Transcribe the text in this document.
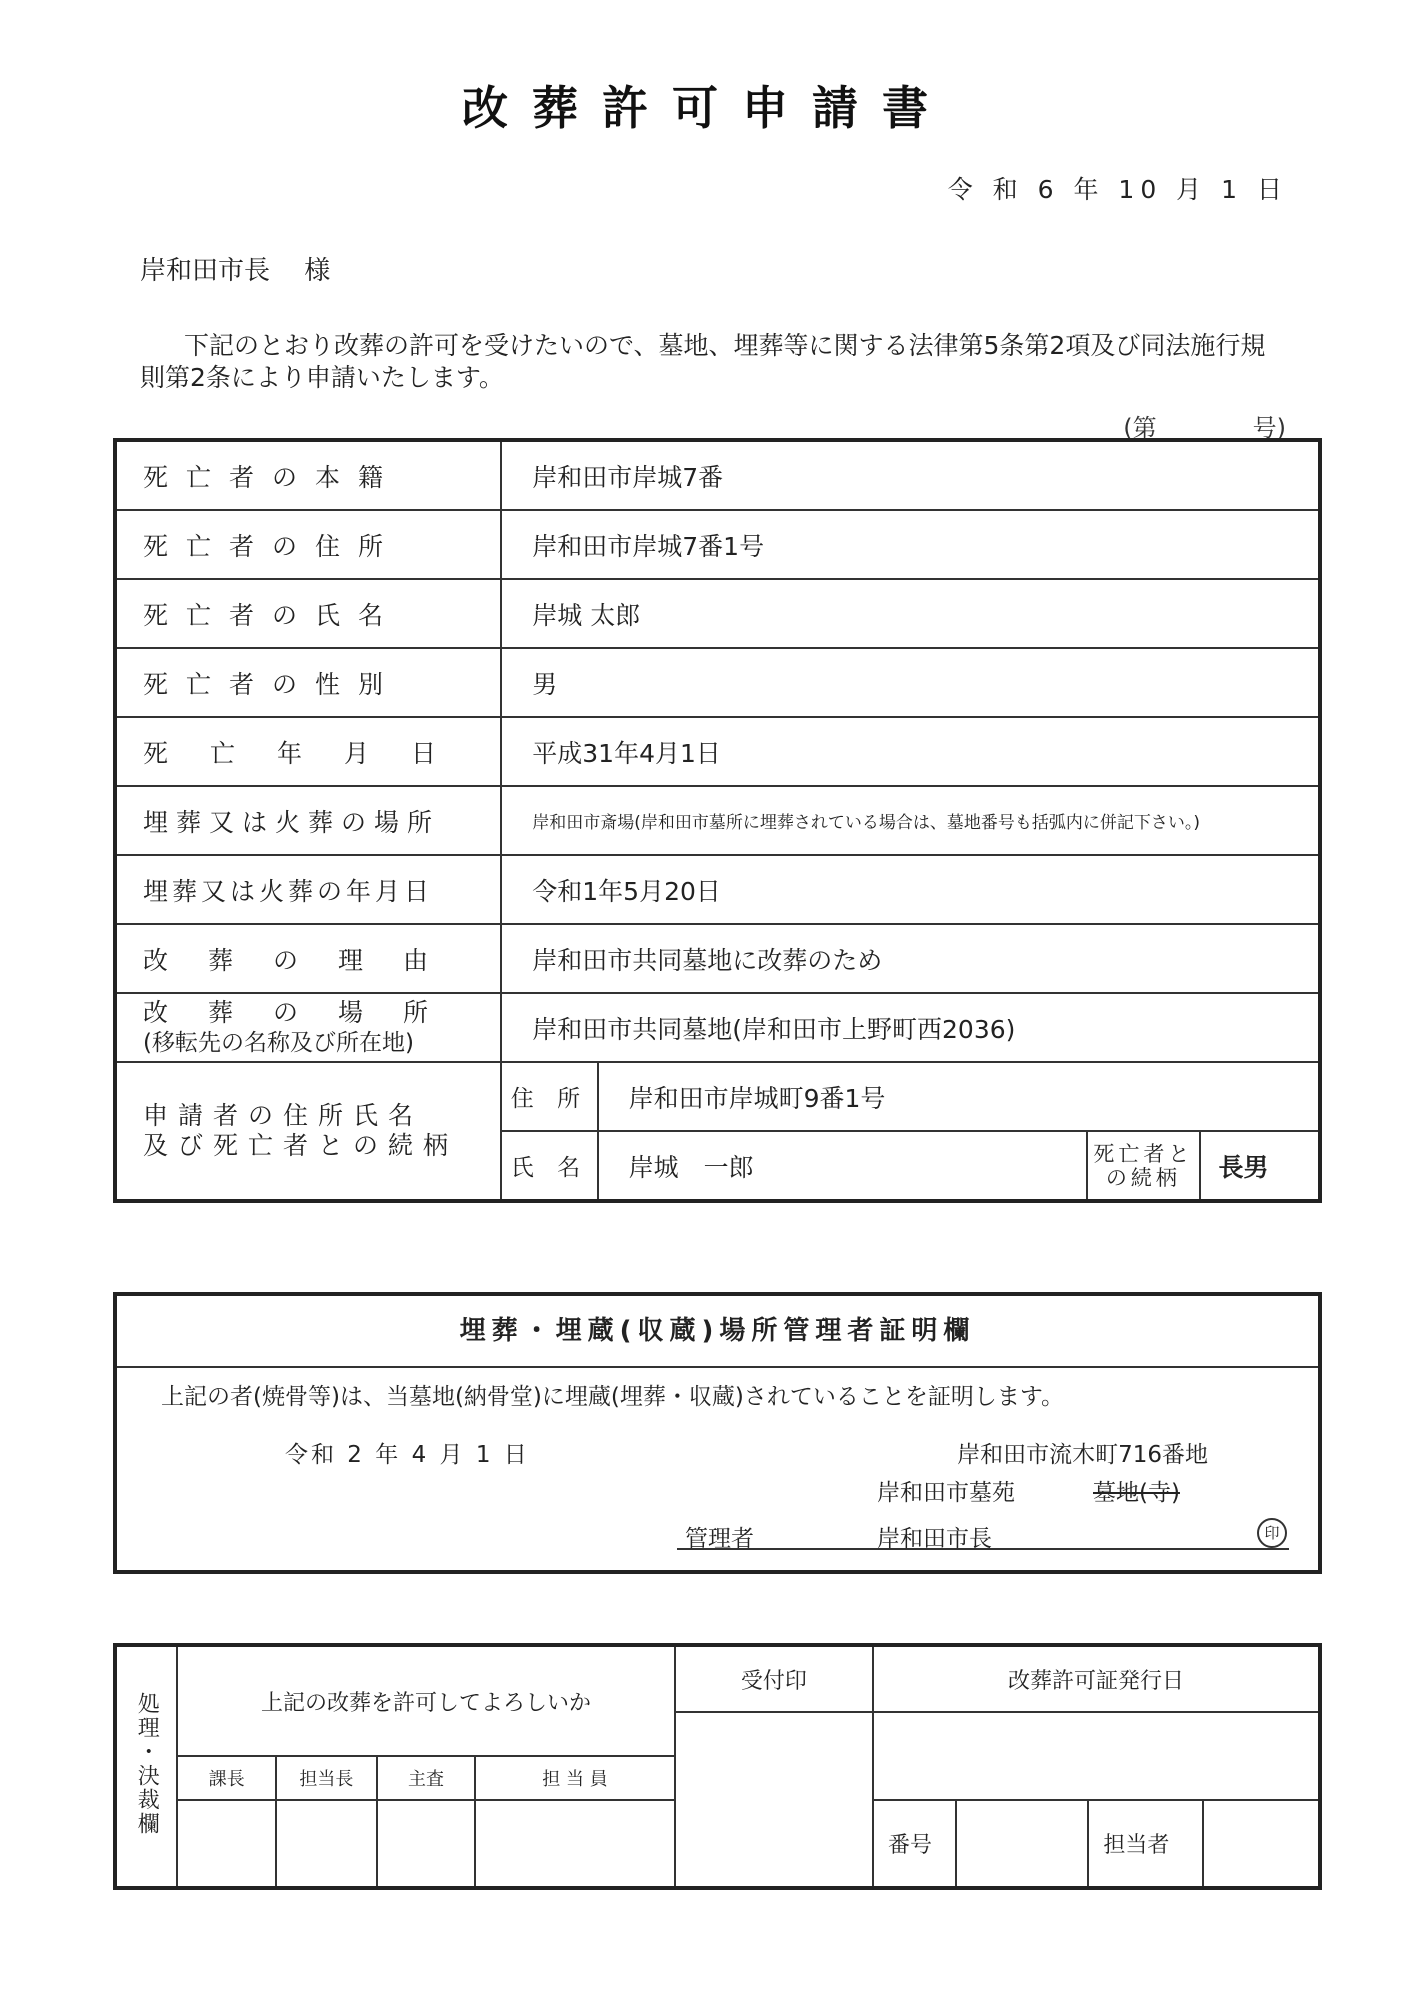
改葬許可申請書
令 和 6 年 10 月 1 日
岸和田市長　 様
下記のとおり改葬の許可を受けたいので、墓地、埋葬等に関する法律第5条第2項及び同法施行規則第2条により申請いたします。
(第　　　　号)
死亡者の本籍	岸和田市岸城7番			
死亡者の住所	岸和田市岸城7番1号			
死亡者の氏名	岸城 太郎			
死亡者の性別	男			
死亡年月日	平成31年4月1日			
埋葬又は火葬の場所	岸和田市斎場(岸和田市墓所に埋葬されている場合は、墓地番号も括弧内に併記下さい。)			
埋葬又は火葬の年月日	令和1年5月20日			
改葬の理由	岸和田市共同墓地に改葬のため			

改葬の場所
(移転先の名称及び所在地)	岸和田市共同墓地(岸和田市上野町西2036)			

申請者の住所氏名
及び死亡者との続柄	住 所	岸和田市岸城町9番1号		
	氏 名	岸城　一郎	死亡者との続柄	長男
埋葬・埋蔵(収蔵)場所管理者証明欄
上記の者(焼骨等)は、当墓地(納骨堂)に埋蔵(埋葬・収蔵)されていることを証明します。
令和 2 年 4 月 1 日	岸和田市流木町716番地
岸和田市墓苑	墓地(寺)
管理者	岸和田市長	印
処理・決裁欄	上記の改葬を許可してよろしいか				受付印	改葬許可証発行日			

	課長	担当長	主査	担 当 員					
						番号		担当者	
